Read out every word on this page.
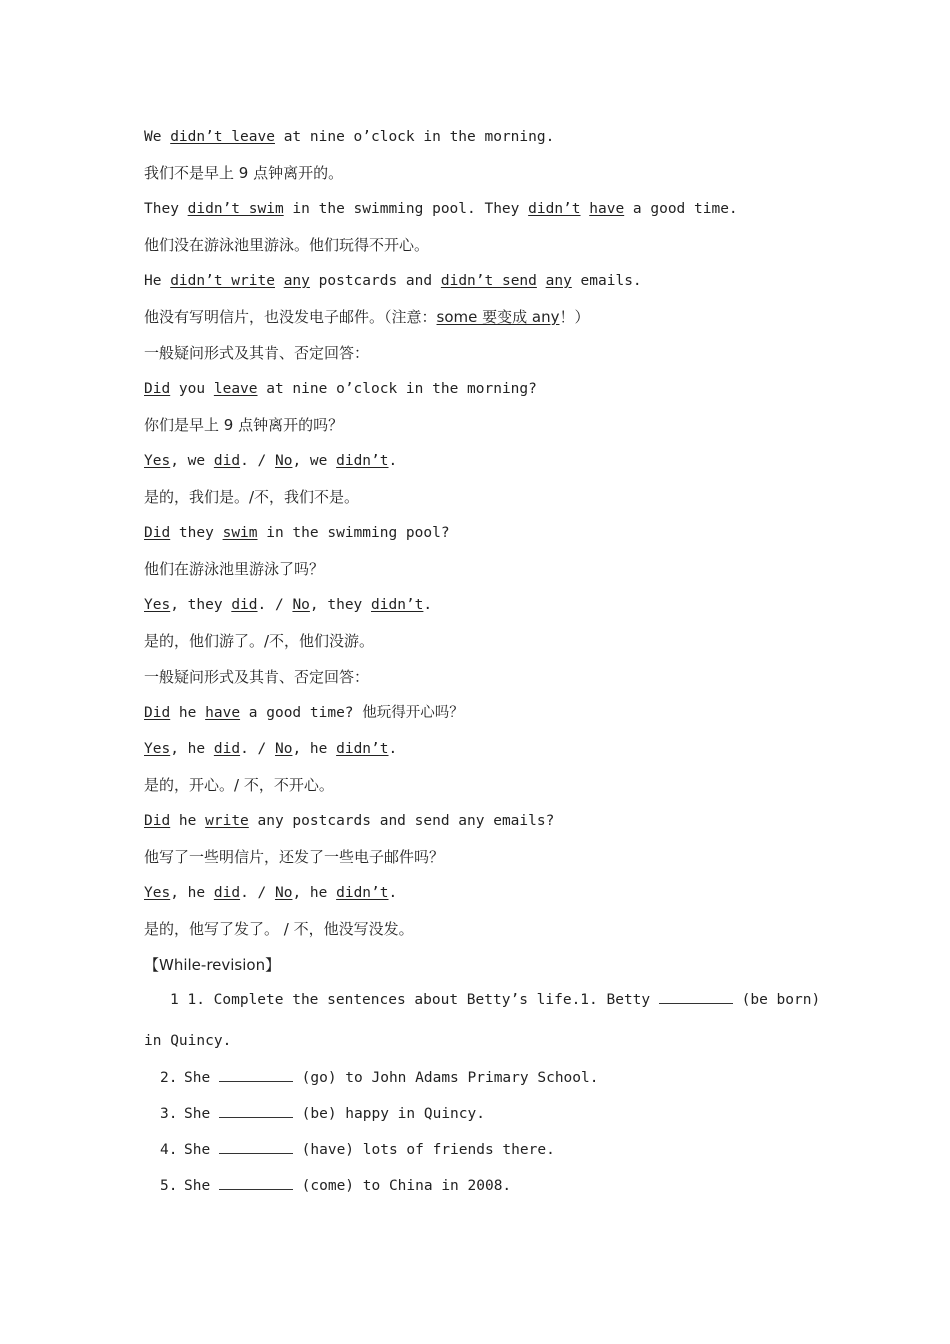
We didn’t leave at nine o’clock in the morning.
我们不是早上 9 点钟离开的。
They didn’t swim in the swimming pool. They didn’t have a good time.
他们没在游泳池里游泳。他们玩得不开心。
He didn’t write any postcards and didn’t send any emails.
他没有写明信片，也没发电子邮件。（注意：some 要变成 any！）
一般疑问形式及其肯、否定回答：
Did you leave at nine o’clock in the morning?
你们是早上 9 点钟离开的吗？
Yes, we did. / No, we didn’t.
是的，我们是。/不，我们不是。
Did they swim in the swimming pool?
他们在游泳池里游泳了吗？
Yes, they did. / No, they didn’t.
是的，他们游了。/不，他们没游。
一般疑问形式及其肯、否定回答：
Did he have a good time? 他玩得开心吗？
Yes, he did. / No, he didn’t.
是的，开心。/ 不，不开心。
Did he write any postcards and send any emails?
他写了一些明信片，还发了一些电子邮件吗？
Yes, he did. / No, he didn’t.
是的，他写了发了。 / 不，他没写没发。
【While-revision】
1 1. Complete the sentences about Betty’s life.1. Betty	(be born)
in Quincy.
2. She	(go) to John Adams Primary School.
3. She	(be) happy in Quincy.
4. She	(have) lots of friends there.
5. She	(come) to China in 2008.
